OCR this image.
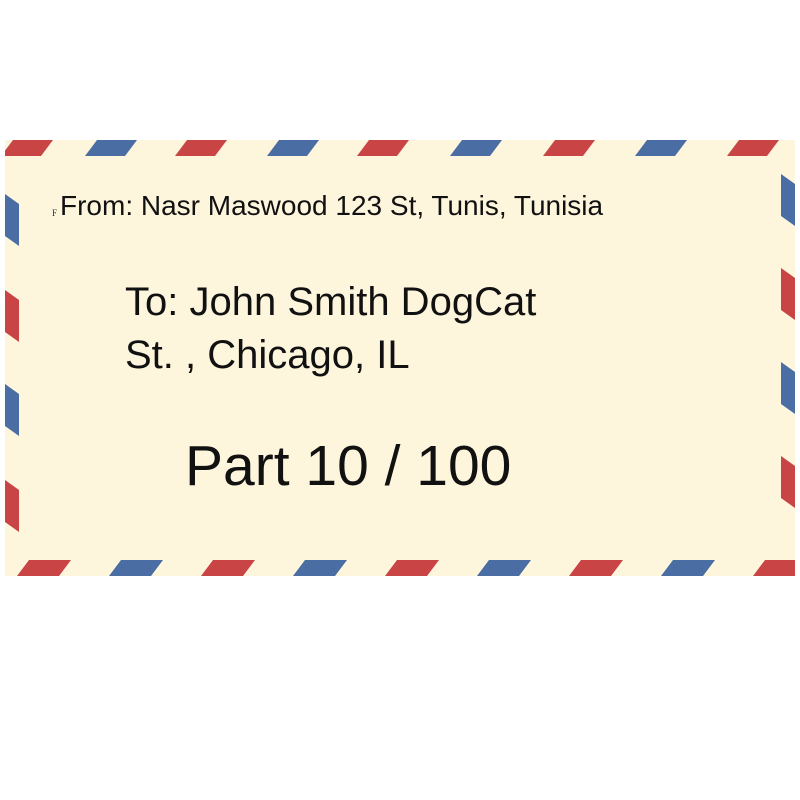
F From: Nasr Maswood 123 St, Tunis, Tunisia
To: John Smith DogCat
St. , Chicago, IL
Part 10 / 100
